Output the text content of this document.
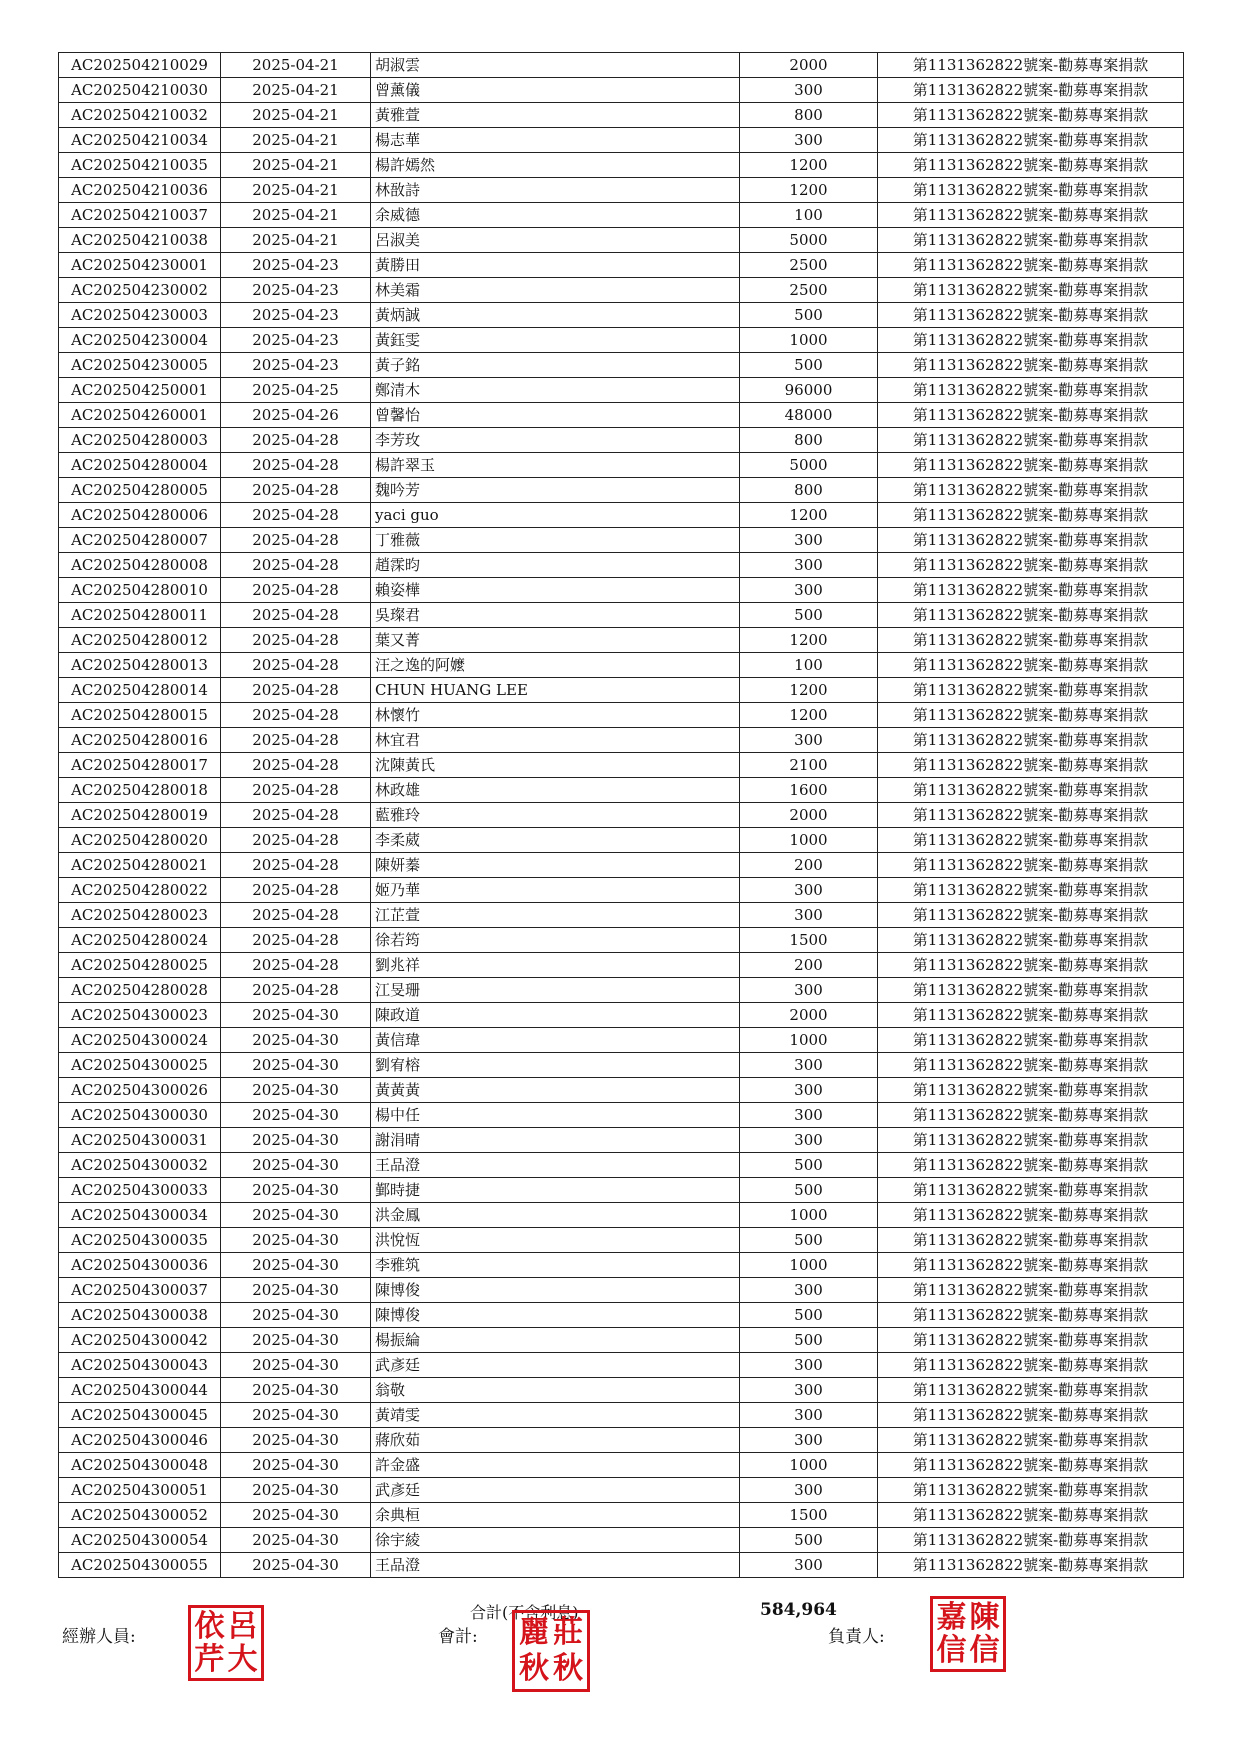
AC202504210029	2025-04-21	胡淑雲	2000	第1131362822號案-勸募專案捐款
AC202504210030	2025-04-21	曾薰儀	300	第1131362822號案-勸募專案捐款
AC202504210032	2025-04-21	黃雅萱	800	第1131362822號案-勸募專案捐款
AC202504210034	2025-04-21	楊志華	300	第1131362822號案-勸募專案捐款
AC202504210035	2025-04-21	楊許嫣然	1200	第1131362822號案-勸募專案捐款
AC202504210036	2025-04-21	林敔詩	1200	第1131362822號案-勸募專案捐款
AC202504210037	2025-04-21	余威德	100	第1131362822號案-勸募專案捐款
AC202504210038	2025-04-21	呂淑美	5000	第1131362822號案-勸募專案捐款
AC202504230001	2025-04-23	黃勝田	2500	第1131362822號案-勸募專案捐款
AC202504230002	2025-04-23	林美霜	2500	第1131362822號案-勸募專案捐款
AC202504230003	2025-04-23	黃炳誠	500	第1131362822號案-勸募專案捐款
AC202504230004	2025-04-23	黃鈺雯	1000	第1131362822號案-勸募專案捐款
AC202504230005	2025-04-23	黃子銘	500	第1131362822號案-勸募專案捐款
AC202504250001	2025-04-25	鄭清木	96000	第1131362822號案-勸募專案捐款
AC202504260001	2025-04-26	曾馨怡	48000	第1131362822號案-勸募專案捐款
AC202504280003	2025-04-28	李芳玫	800	第1131362822號案-勸募專案捐款
AC202504280004	2025-04-28	楊許翠玉	5000	第1131362822號案-勸募專案捐款
AC202504280005	2025-04-28	魏吟芳	800	第1131362822號案-勸募專案捐款
AC202504280006	2025-04-28	yaci guo	1200	第1131362822號案-勸募專案捐款
AC202504280007	2025-04-28	丁雅薇	300	第1131362822號案-勸募專案捐款
AC202504280008	2025-04-28	趙霂昀	300	第1131362822號案-勸募專案捐款
AC202504280010	2025-04-28	賴姿樺	300	第1131362822號案-勸募專案捐款
AC202504280011	2025-04-28	吳璨君	500	第1131362822號案-勸募專案捐款
AC202504280012	2025-04-28	葉又菁	1200	第1131362822號案-勸募專案捐款
AC202504280013	2025-04-28	汪之逸的阿嬤	100	第1131362822號案-勸募專案捐款
AC202504280014	2025-04-28	CHUN HUANG LEE	1200	第1131362822號案-勸募專案捐款
AC202504280015	2025-04-28	林懷竹	1200	第1131362822號案-勸募專案捐款
AC202504280016	2025-04-28	林宜君	300	第1131362822號案-勸募專案捐款
AC202504280017	2025-04-28	沈陳黃氏	2100	第1131362822號案-勸募專案捐款
AC202504280018	2025-04-28	林政雄	1600	第1131362822號案-勸募專案捐款
AC202504280019	2025-04-28	藍雅玲	2000	第1131362822號案-勸募專案捐款
AC202504280020	2025-04-28	李柔葳	1000	第1131362822號案-勸募專案捐款
AC202504280021	2025-04-28	陳妍蓁	200	第1131362822號案-勸募專案捐款
AC202504280022	2025-04-28	姬乃華	300	第1131362822號案-勸募專案捐款
AC202504280023	2025-04-28	江芷萱	300	第1131362822號案-勸募專案捐款
AC202504280024	2025-04-28	徐若筠	1500	第1131362822號案-勸募專案捐款
AC202504280025	2025-04-28	劉兆祥	200	第1131362822號案-勸募專案捐款
AC202504280028	2025-04-28	江旻珊	300	第1131362822號案-勸募專案捐款
AC202504300023	2025-04-30	陳政道	2000	第1131362822號案-勸募專案捐款
AC202504300024	2025-04-30	黃信瑋	1000	第1131362822號案-勸募專案捐款
AC202504300025	2025-04-30	劉宥榕	300	第1131362822號案-勸募專案捐款
AC202504300026	2025-04-30	黃黃黃	300	第1131362822號案-勸募專案捐款
AC202504300030	2025-04-30	楊中任	300	第1131362822號案-勸募專案捐款
AC202504300031	2025-04-30	謝涓晴	300	第1131362822號案-勸募專案捐款
AC202504300032	2025-04-30	王品澄	500	第1131362822號案-勸募專案捐款
AC202504300033	2025-04-30	鄞時捷	500	第1131362822號案-勸募專案捐款
AC202504300034	2025-04-30	洪金鳳	1000	第1131362822號案-勸募專案捐款
AC202504300035	2025-04-30	洪悅恆	500	第1131362822號案-勸募專案捐款
AC202504300036	2025-04-30	李雅筑	1000	第1131362822號案-勸募專案捐款
AC202504300037	2025-04-30	陳博俊	300	第1131362822號案-勸募專案捐款
AC202504300038	2025-04-30	陳博俊	500	第1131362822號案-勸募專案捐款
AC202504300042	2025-04-30	楊振綸	500	第1131362822號案-勸募專案捐款
AC202504300043	2025-04-30	武彥廷	300	第1131362822號案-勸募專案捐款
AC202504300044	2025-04-30	翁敬	300	第1131362822號案-勸募專案捐款
AC202504300045	2025-04-30	黃靖雯	300	第1131362822號案-勸募專案捐款
AC202504300046	2025-04-30	蔣欣茹	300	第1131362822號案-勸募專案捐款
AC202504300048	2025-04-30	許金盛	1000	第1131362822號案-勸募專案捐款
AC202504300051	2025-04-30	武彥廷	300	第1131362822號案-勸募專案捐款
AC202504300052	2025-04-30	余典桓	1500	第1131362822號案-勸募專案捐款
AC202504300054	2025-04-30	徐宇綾	500	第1131362822號案-勸募專案捐款
AC202504300055	2025-04-30	王品澄	300	第1131362822號案-勸募專案捐款
合計(不含利息)	584,964
經辦人員: 依 呂
芹 大
會計: 麗 莊
秋 秋
負責人:
嘉 陳
信 信
